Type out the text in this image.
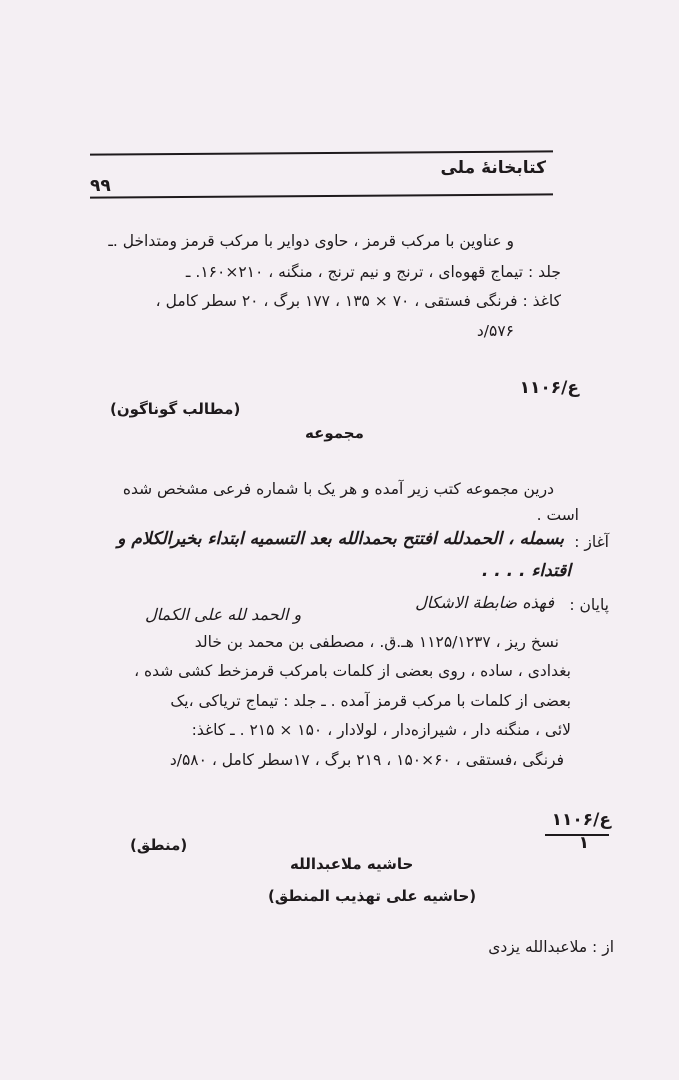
کتابخانهٔ ملی
۹۹
و عناوین با مرکب قرمز ، حاوی دوایر با مرکب قرمز ومتداخل .ـ
جلد : تیماج قهوه‌ای ، ترنج و نیم ترنج ، منگنه ، ۲۱۰×۱۶۰. ـ
کاغذ : فرنگی فستقی ، ۷۰ × ۱۳۵ ، ۱۷۷ برگ ، ۲۰ سطر کامل ،
۵۷۶/د
ع/۱۱۰۶
(مطالب گوناگون)
مجموعه
درین مجموعه کتب زیر آمده و هر یک با شماره فرعی مشخص شده
است .
آغاز :
بسمله ، الحمدلله افتتح بحمدالله بعد التسمیه ابتداء بخیرالکلام و
اقتداء . . . .
پایان :
فهذه ضابطة الاشکال
و الحمد لله علی الکمال
نسخ ریز ، ۱۱۲۵/۱۲۳۷ هـ.ق. ، مصطفی بن محمد بن خالد
بغدادی ، ساده ، روی بعضی از کلمات بامرکب قرمزخط کشی شده ،
بعضی از کلمات با مرکب قرمز آمده . ـ جلد : تیماج تریاکی ،یک
لائی ، منگنه دار ، شیرازه‌دار ، لولادار ، ۱۵۰ × ۲۱۵ . ـ کاغذ:
فرنگی ،فستقی ، ۶۰×۱۵۰ ، ۲۱۹ برگ ، ۱۷سطر کامل ، ۵۸۰/د
ع/۱۱۰۶
۱
(منطق)
حاشیه ملاعبدالله
(حاشیه علی تهذیب المنطق)
از : ملاعبدالله یزدی
